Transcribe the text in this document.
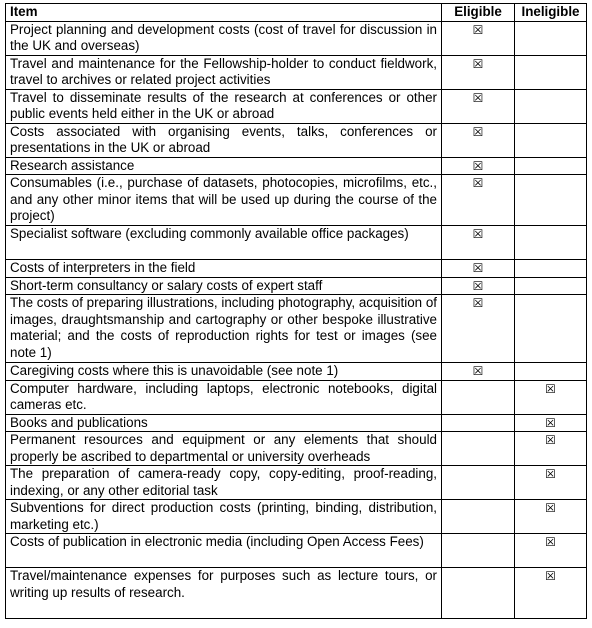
Item	Eligible	Ineligible
Project planning and development costs (cost of travel for discussion in the UK and overseas)	☒	
Travel and maintenance for the Fellowship-holder to conduct fieldwork, travel to archives or related project activities	☒	
Travel to disseminate results of the research at conferences or other public events held either in the UK or abroad	☒	
Costs associated with organising events, talks, conferences or presentations in the UK or abroad	☒	
Research assistance	☒	
Consumables (i.e., purchase of datasets, photocopies, microfilms, etc., and any other minor items that will be used up during the course of the project)	☒	
Specialist software (excluding commonly available office packages)	☒	
Costs of interpreters in the field	☒	
Short-term consultancy or salary costs of expert staff	☒	
The costs of preparing illustrations, including photography, acquisition of images, draughtsmanship and cartography or other bespoke illustrative material; and the costs of reproduction rights for test or images (see note 1)	☒	
Caregiving costs where this is unavoidable (see note 1)	☒	
Computer hardware, including laptops, electronic notebooks, digital cameras etc.		☒
Books and publications		☒
Permanent resources and equipment or any elements that should properly be ascribed to departmental or university overheads		☒
The preparation of camera-ready copy, copy-editing, proof-reading, indexing, or any other editorial task		☒
Subventions for direct production costs (printing, binding, distribution, marketing etc.)		☒
Costs of publication in electronic media (including Open Access Fees)		☒
Travel/maintenance expenses for purposes such as lecture tours, or writing up results of research.		☒
